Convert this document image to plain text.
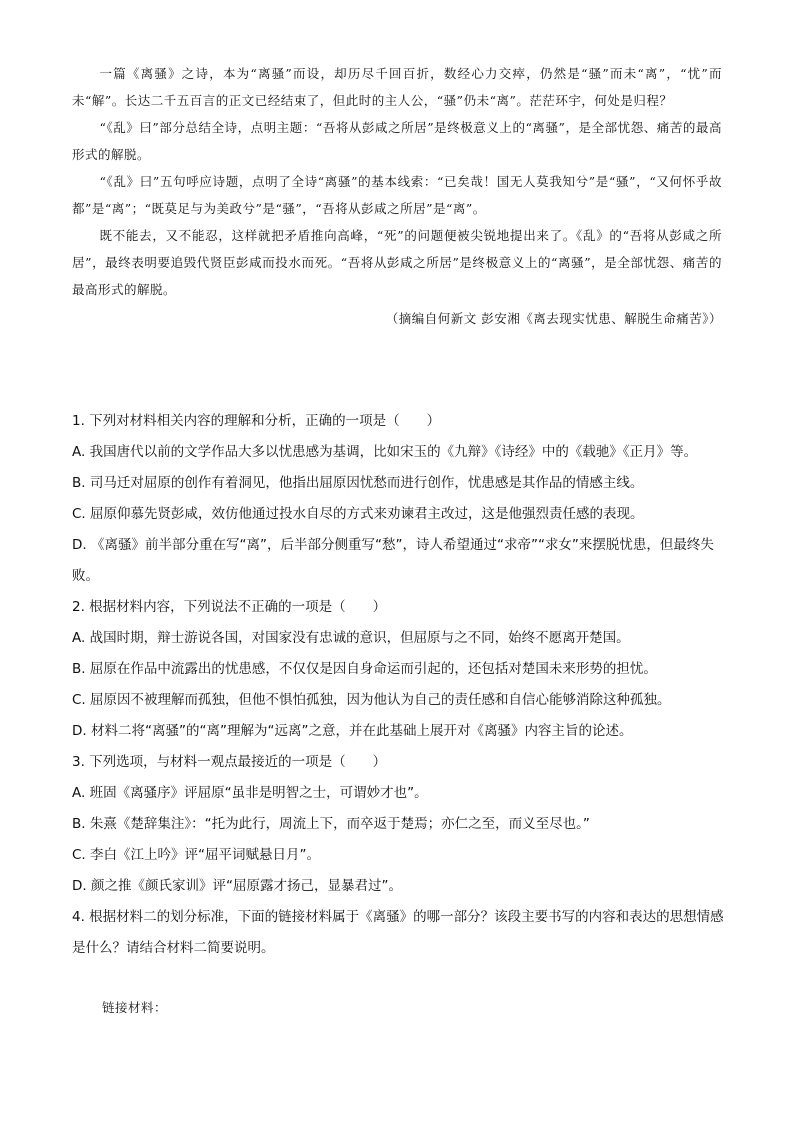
一篇《离骚》之诗，本为“离骚”而设，却历尽千回百折，数经心力交瘁，仍然是“骚”而未“离”，“忧”而未“解”。长达二千五百言的正文已经结束了，但此时的主人公，“骚”仍未“离”。茫茫环宇，何处是归程？

“《乱》曰”部分总结全诗，点明主题：“吾将从彭咸之所居”是终极意义上的“离骚”，是全部忧怨、痛苦的最高形式的解脱。

“《乱》曰”五句呼应诗题，点明了全诗“离骚”的基本线索：“已矣哉！国无人莫我知兮”是“骚”，“又何怀乎故都”是“离”；“既莫足与为美政兮”是“骚”，“吾将从彭咸之所居”是“离”。

既不能去，又不能忍，这样就把矛盾推向高峰，“死”的问题便被尖锐地提出来了。《乱》的“吾将从彭咸之所居”，最终表明要追毁代贤臣彭咸而投水而死。“吾将从彭咸之所居”是终极意义上的“离骚”，是全部忧怨、痛苦的最高形式的解脱。

（摘编自何新文 彭安湘《离去现实忧患、解脱生命痛苦》）

1. 下列对材料相关内容的理解和分析，正确的一项是（　　）

A. 我国唐代以前的文学作品大多以忧患感为基调，比如宋玉的《九辩》《诗经》中的《载驰》《正月》等。

B. 司马迁对屈原的创作有着洞见，他指出屈原因忧愁而进行创作，忧患感是其作品的情感主线。

C. 屈原仰慕先贤彭咸，效仿他通过投水自尽的方式来劝谏君主改过，这是他强烈责任感的表现。

D. 《离骚》前半部分重在写“离”，后半部分侧重写“愁”，诗人希望通过“求帝”“求女”来摆脱忧患，但最终失败。

2. 根据材料内容，下列说法不正确的一项是（　　）

A. 战国时期，辩士游说各国，对国家没有忠诚的意识，但屈原与之不同，始终不愿离开楚国。

B. 屈原在作品中流露出的忧患感，不仅仅是因自身命运而引起的，还包括对楚国未来形势的担忧。

C. 屈原因不被理解而孤独，但他不惧怕孤独，因为他认为自己的责任感和自信心能够消除这种孤独。

D. 材料二将“离骚”的“离”理解为“远离”之意，并在此基础上展开对《离骚》内容主旨的论述。

3. 下列选项，与材料一观点最接近的一项是（　　）

A. 班固《离骚序》评屈原“虽非是明智之士，可谓妙才也”。

B. 朱熹《楚辞集注》：“托为此行，周流上下，而卒返于楚焉；亦仁之至，而义至尽也。”

C. 李白《江上吟》评“屈平词赋悬日月”。

D. 颜之推《颜氏家训》评“屈原露才扬己，显暴君过”。

4. 根据材料二的划分标准，下面的链接材料属于《离骚》的哪一部分？该段主要书写的内容和表达的思想情感是什么？请结合材料二简要说明。

链接材料：
